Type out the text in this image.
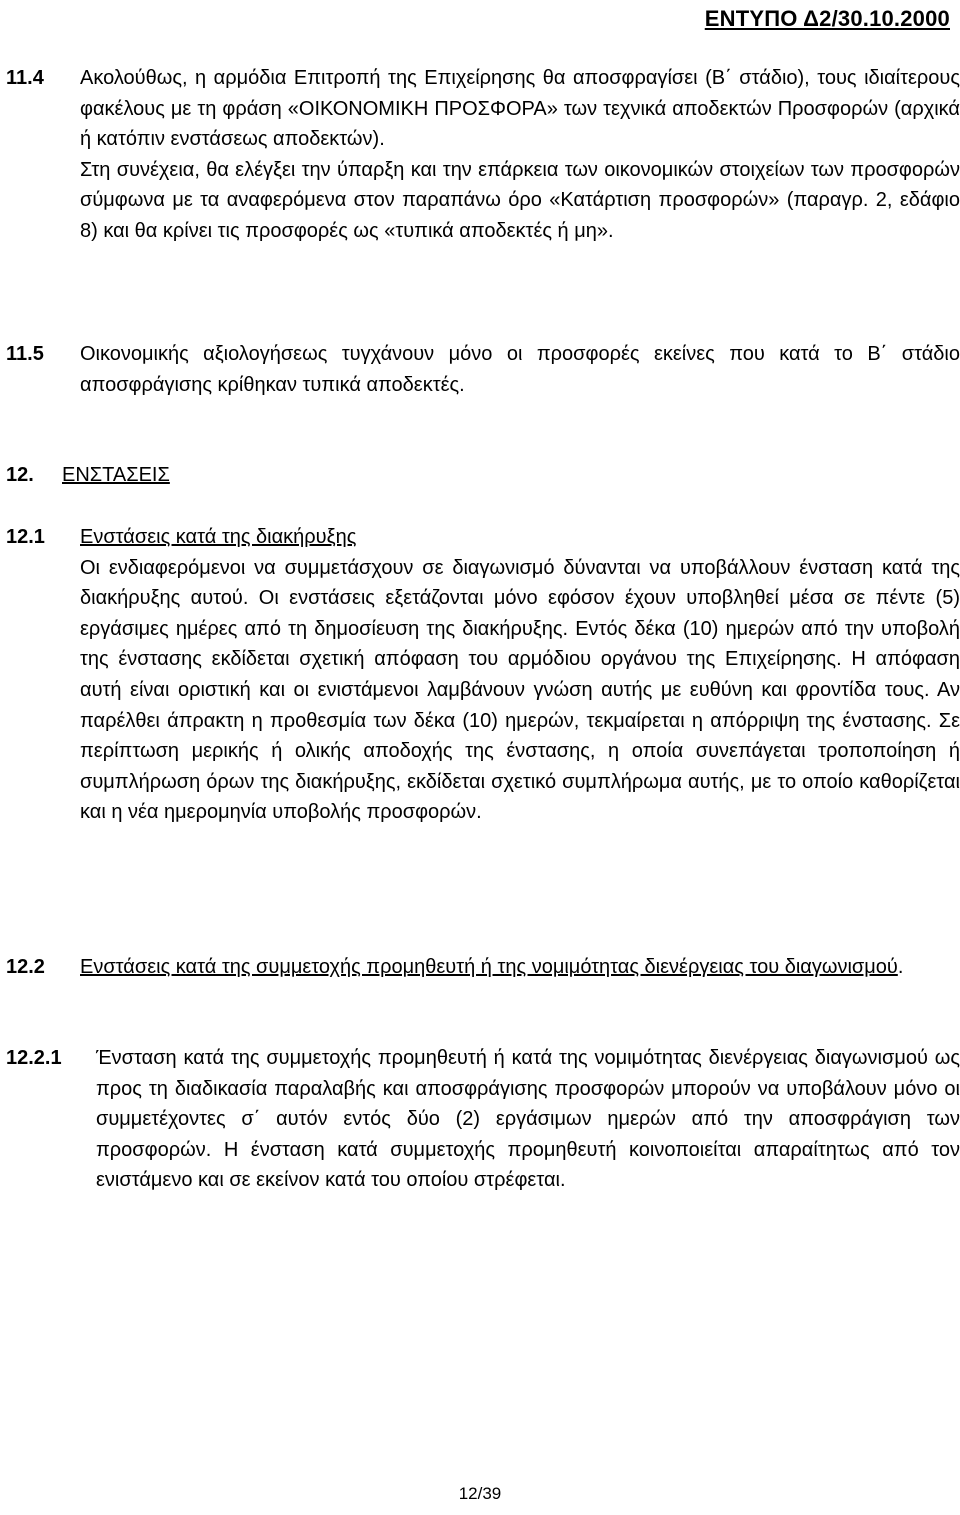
ΕΝΤΥΠΟ Δ2/30.10.2000
11.4 Ακολούθως, η αρμόδια Επιτροπή της Επιχείρησης θα αποσφραγίσει (Β΄ στάδιο), τους ιδιαίτερους φακέλους με τη φράση «ΟΙΚΟΝΟΜΙΚΗ ΠΡΟΣΦΟΡΑ» των τεχνικά αποδεκτών Προσφορών (αρχικά ή κατόπιν ενστάσεως αποδεκτών).

Στη συνέχεια, θα ελέγξει την ύπαρξη και την επάρκεια των οικονομικών στοιχείων των προσφορών σύμφωνα με τα αναφερόμενα στον παραπάνω όρο «Κατάρτιση προσφορών» (παραγρ. 2, εδάφιο 8) και θα κρίνει τις προσφορές ως «τυπικά αποδεκτές ή μη».

11.5 Οικονομικής αξιολογήσεως τυγχάνουν μόνο οι προσφορές εκείνες που κατά το Β΄ στάδιο αποσφράγισης κρίθηκαν τυπικά αποδεκτές.

12. ΕΝΣΤΑΣΕΙΣ
12.1 Ενστάσεις κατά της διακήρυξης

Οι ενδιαφερόμενοι να συμμετάσχουν σε διαγωνισμό δύνανται να υποβάλλουν ένσταση κατά της διακήρυξης αυτού. Οι ενστάσεις εξετάζονται μόνο εφόσον έχουν υποβληθεί μέσα σε πέντε (5) εργάσιμες ημέρες από τη δημοσίευση της διακήρυξης. Εντός δέκα (10) ημερών από την υποβολή της ένστασης εκδίδεται σχετική απόφαση του αρμόδιου οργάνου της Επιχείρησης. Η απόφαση αυτή είναι οριστική και οι ενιστάμενοι λαμβάνουν γνώση αυτής με ευθύνη και φροντίδα τους. Αν παρέλθει άπρακτη η προθεσμία των δέκα (10) ημερών, τεκμαίρεται η απόρριψη της ένστασης. Σε περίπτωση μερικής ή ολικής αποδοχής της ένστασης, η οποία συνεπάγεται τροποποίηση ή συμπλήρωση όρων της διακήρυξης, εκδίδεται σχετικό συμπλήρωμα αυτής, με το οποίο καθορίζεται και η νέα ημερομηνία υποβολής προσφορών.

12.2 Ενστάσεις κατά της συμμετοχής προμηθευτή ή της νομιμότητας διενέργειας του διαγωνισμού.

12.2.1 Ένσταση κατά της συμμετοχής προμηθευτή ή κατά της νομιμότητας διενέργειας διαγωνισμού ως προς τη διαδικασία παραλαβής και αποσφράγισης προσφορών μπορούν να υποβάλουν μόνο οι συμμετέχοντες σ΄ αυτόν εντός δύο (2) εργάσιμων ημερών από την αποσφράγιση των προσφορών. Η ένσταση κατά συμμετοχής προμηθευτή κοινοποιείται απαραίτητως από τον ενιστάμενο και σε εκείνον κατά του οποίου στρέφεται.

12/39
